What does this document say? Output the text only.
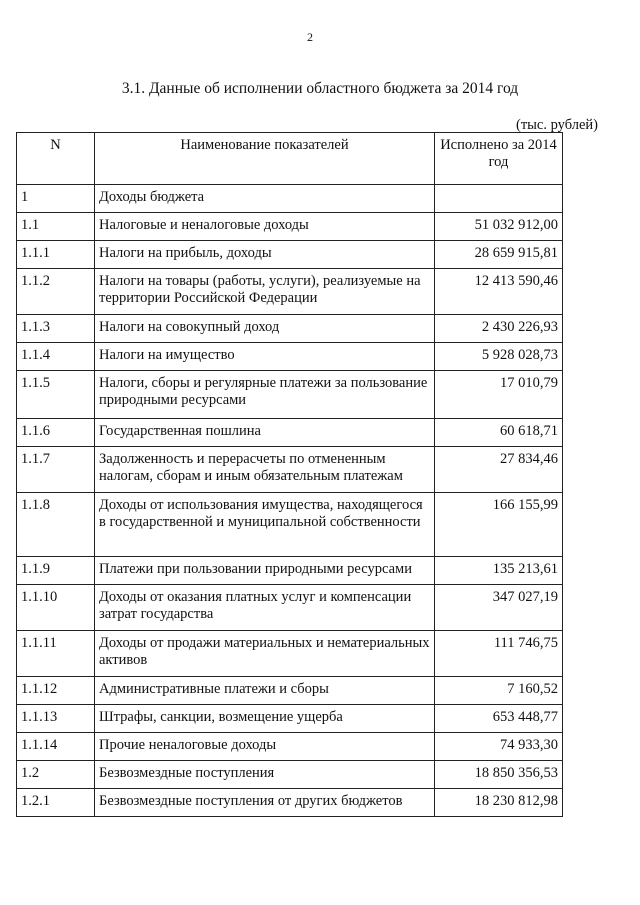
2
3.1. Данные об исполнении областного бюджета за 2014 год
(тыс. рублей)
N	Наименование показателей	Исполнено за 2014 год
1	Доходы бюджета	
1.1	Налоговые и неналоговые доходы	51 032 912,00
1.1.1	Налоги на прибыль, доходы	28 659 915,81
1.1.2	Налоги на товары (работы, услуги), реализуемые на территории Российской Федерации	12 413 590,46
1.1.3	Налоги на совокупный доход	2 430 226,93
1.1.4	Налоги на имущество	5 928 028,73
1.1.5	Налоги, сборы и регулярные платежи за пользование природными ресурсами	17 010,79
1.1.6	Государственная пошлина	60 618,71
1.1.7	Задолженность и перерасчеты по отмененным налогам, сборам и иным обязательным платежам	27 834,46
1.1.8	Доходы от использования имущества, находящегося в государственной и муниципальной собственности	166 155,99
1.1.9	Платежи при пользовании природными ресурсами	135 213,61
1.1.10	Доходы от оказания платных услуг и компенсации затрат государства	347 027,19
1.1.11	Доходы от продажи материальных и нематериальных активов	111 746,75
1.1.12	Административные платежи и сборы	7 160,52
1.1.13	Штрафы, санкции, возмещение ущерба	653 448,77
1.1.14	Прочие неналоговые доходы	74 933,30
1.2	Безвозмездные поступления	18 850 356,53
1.2.1	Безвозмездные поступления от других бюджетов	18 230 812,98
